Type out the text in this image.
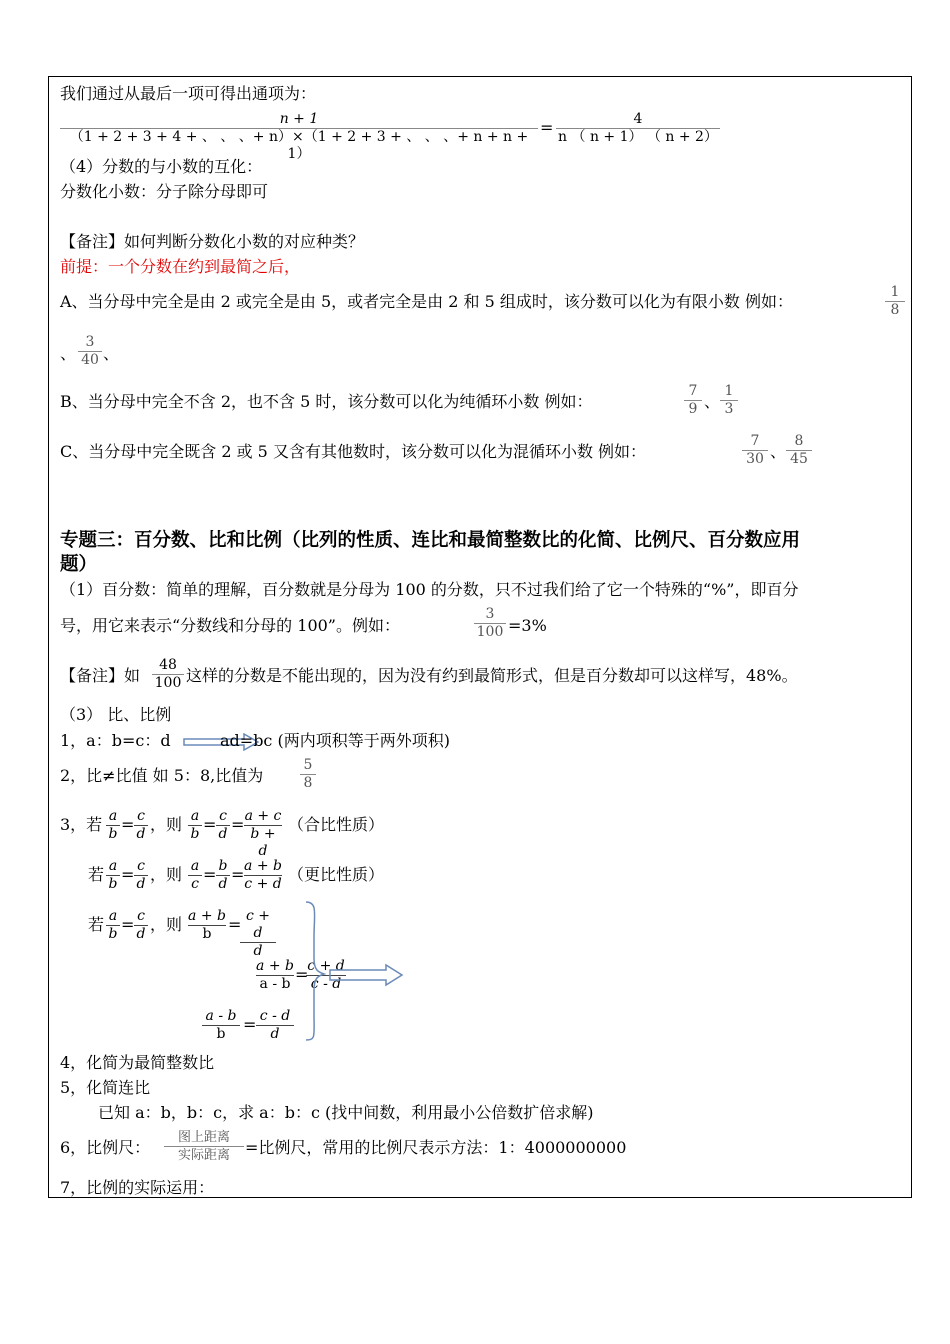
我们通过从最后一项可得出通项为：
$\frac{n + 1}{(1 + 2 + 3 + 4 + 、 、 、+ n)\times(1 + 2 + 3 + 、 、 、+ n + n + 1)} = \frac{4}{n ( n + 1) ( n + 2)}$
（4）分数的与小数的互化：
分数化小数：分子除分母即可
【备注】如何判断分数化小数的对应种类？
前提：一个分数在约到最简之后，
A、当分母中完全是由 2 或完全是由 5，或者完全是由 2 和 5 组成时，该分数可以化为有限小数 例如：	$\frac{1}{8}$
、 $\frac{3}{40}$ 、
B、当分母中完全不含 2，也不含 5 时，该分数可以化为纯循环小数 例如：	$\frac{7}{9}$ 、 $\frac{1}{3}$
C、当分母中完全既含 2 或 5 又含有其他数时，该分数可以化为混循环小数 例如：	$\frac{7}{30}$ 、 $\frac{8}{45}$
专题三：百分数、比和比例（比列的性质、连比和最简整数比的化简、比例尺、百分数应用
题）
（1）百分数：简单的理解，百分数就是分母为 100 的分数，只不过我们给了它一个特殊的“%”，即百分
号，用它来表示“分数线和分母的 100”。例如：	$\frac{3}{100} =3\%$
【备注】如 $\frac{48}{100}$ 这样的分数是不能出现的，因为没有约到最简形式，但是百分数却可以这样写，48%。
（3） 比、比例
1，a：b=c：d	ad=bc (两内项积等于两外项积)
2，比≠比值 如 5：8,比值为	$\frac{5}{8}$
3，若 $\frac{a}{b} = \frac{c}{d}$ ，则 $\frac{a}{b} = \frac{c}{d} = \frac{a + c}{b + d}$ （合比性质）
若 $\frac{a}{b} = \frac{c}{d}$ ，则 $\frac{a}{c} = \frac{b}{d} = \frac{a + b}{c + d}$ （更比性质）
若 $\frac{a}{b} = \frac{c}{d}$ ，则 $\frac{a + b}{b}$ =
$\frac{c + d}{d}$
$\frac{a + b}{a - b}$ =
$\frac{c + d}{c - d}$
$\frac{a - b}{b} = \frac{c - d}{d}$
4，化简为最简整数比
5，化简连比
已知 a：b，b：c，求 a：b：c (找中间数，利用最小公倍数扩倍求解)
6，比例尺：
图上距离
实际距离 =比例尺，常用的比例尺表示方法：1：4000000000
7，比例的实际运用：
